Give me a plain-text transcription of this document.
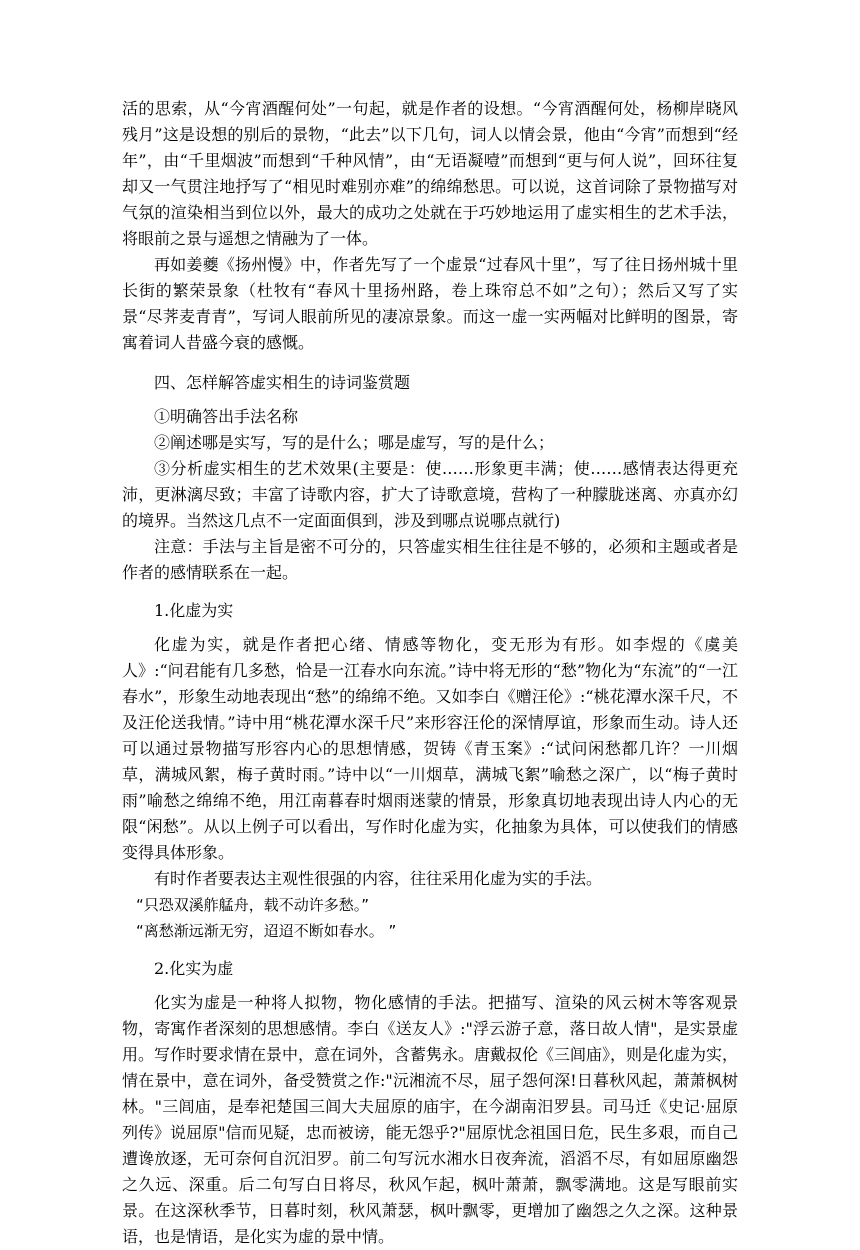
活的思索，从“今宵酒醒何处”一句起，就是作者的设想。“今宵酒醒何处，杨柳岸晓风残月”这是设想的别后的景物，“此去”以下几句，词人以情会景，他由“今宵”而想到“经年”，由“千里烟波”而想到“千种风情”，由“无语凝噎”而想到“更与何人说”，回环往复却又一气贯注地抒写了“相见时难别亦难”的绵绵愁思。可以说，这首词除了景物描写对气氛的渲染相当到位以外，最大的成功之处就在于巧妙地运用了虚实相生的艺术手法，将眼前之景与遥想之情融为了一体。

再如姜夔《扬州慢》中，作者先写了一个虚景“过春风十里”，写了往日扬州城十里长街的繁荣景象（杜牧有“春风十里扬州路，卷上珠帘总不如”之句）；然后又写了实景“尽荠麦青青”，写词人眼前所见的凄凉景象。而这一虚一实两幅对比鲜明的图景，寄寓着词人昔盛今衰的感慨。

四、怎样解答虚实相生的诗词鉴赏题

①明确答出手法名称

②阐述哪是实写，写的是什么；哪是虚写，写的是什么；

③分析虚实相生的艺术效果(主要是：使……形象更丰满；使……感情表达得更充沛，更淋漓尽致；丰富了诗歌内容，扩大了诗歌意境，营构了一种朦胧迷离、亦真亦幻的境界。当然这几点不一定面面俱到，涉及到哪点说哪点就行)

注意：手法与主旨是密不可分的，只答虚实相生往往是不够的，必须和主题或者是作者的感情联系在一起。

1.化虚为实

化虚为实，就是作者把心绪、情感等物化，变无形为有形。如李煜的《虞美人》:“问君能有几多愁，恰是一江春水向东流。”诗中将无形的“愁”物化为“东流”的“一江春水”，形象生动地表现出“愁”的绵绵不绝。又如李白《赠汪伦》:“桃花潭水深千尺，不及汪伦送我情。”诗中用“桃花潭水深千尺”来形容汪伦的深情厚谊，形象而生动。诗人还可以通过景物描写形容内心的思想情感，贺铸《青玉案》:“试问闲愁都几许？一川烟草，满城风絮，梅子黄时雨。”诗中以“一川烟草，满城飞絮”喻愁之深广，以“梅子黄时雨”喻愁之绵绵不绝，用江南暮春时烟雨迷蒙的情景，形象真切地表现出诗人内心的无限“闲愁”。从以上例子可以看出，写作时化虚为实，化抽象为具体，可以使我们的情感变得具体形象。

有时作者要表达主观性很强的内容，往往采用化虚为实的手法。

“只恐双溪舴艋舟，载不动许多愁。”

“离愁渐远渐无穷，迢迢不断如春水。 ”

2.化实为虚

化实为虚是一种将人拟物，物化感情的手法。把描写、渲染的风云树木等客观景物，寄寓作者深刻的思想感情。李白《送友人》:"浮云游子意，落日故人情"，是实景虚用。写作时要求情在景中，意在词外，含蓄隽永。唐戴叔伦《三闾庙》，则是化虚为实，情在景中，意在词外，备受赞赏之作:"沅湘流不尽，屈子怨何深!日暮秋风起，萧萧枫树林。"三闾庙，是奉祀楚国三闾大夫屈原的庙宇，在今湖南汨罗县。司马迁《史记·屈原列传》说屈原"信而见疑，忠而被谤，能无怨乎?"屈原忧念祖国日危，民生多艰，而自己遭谗放逐，无可奈何自沉汨罗。前二句写沅水湘水日夜奔流，滔滔不尽，有如屈原幽怨之久远、深重。后二句写白日将尽，秋风乍起，枫叶萧萧，飘零满地。这是写眼前实景。在这深秋季节，日暮时刻，秋风萧瑟，枫叶飘零，更增加了幽怨之久之深。这种景语，也是情语，是化实为虚的景中情。
